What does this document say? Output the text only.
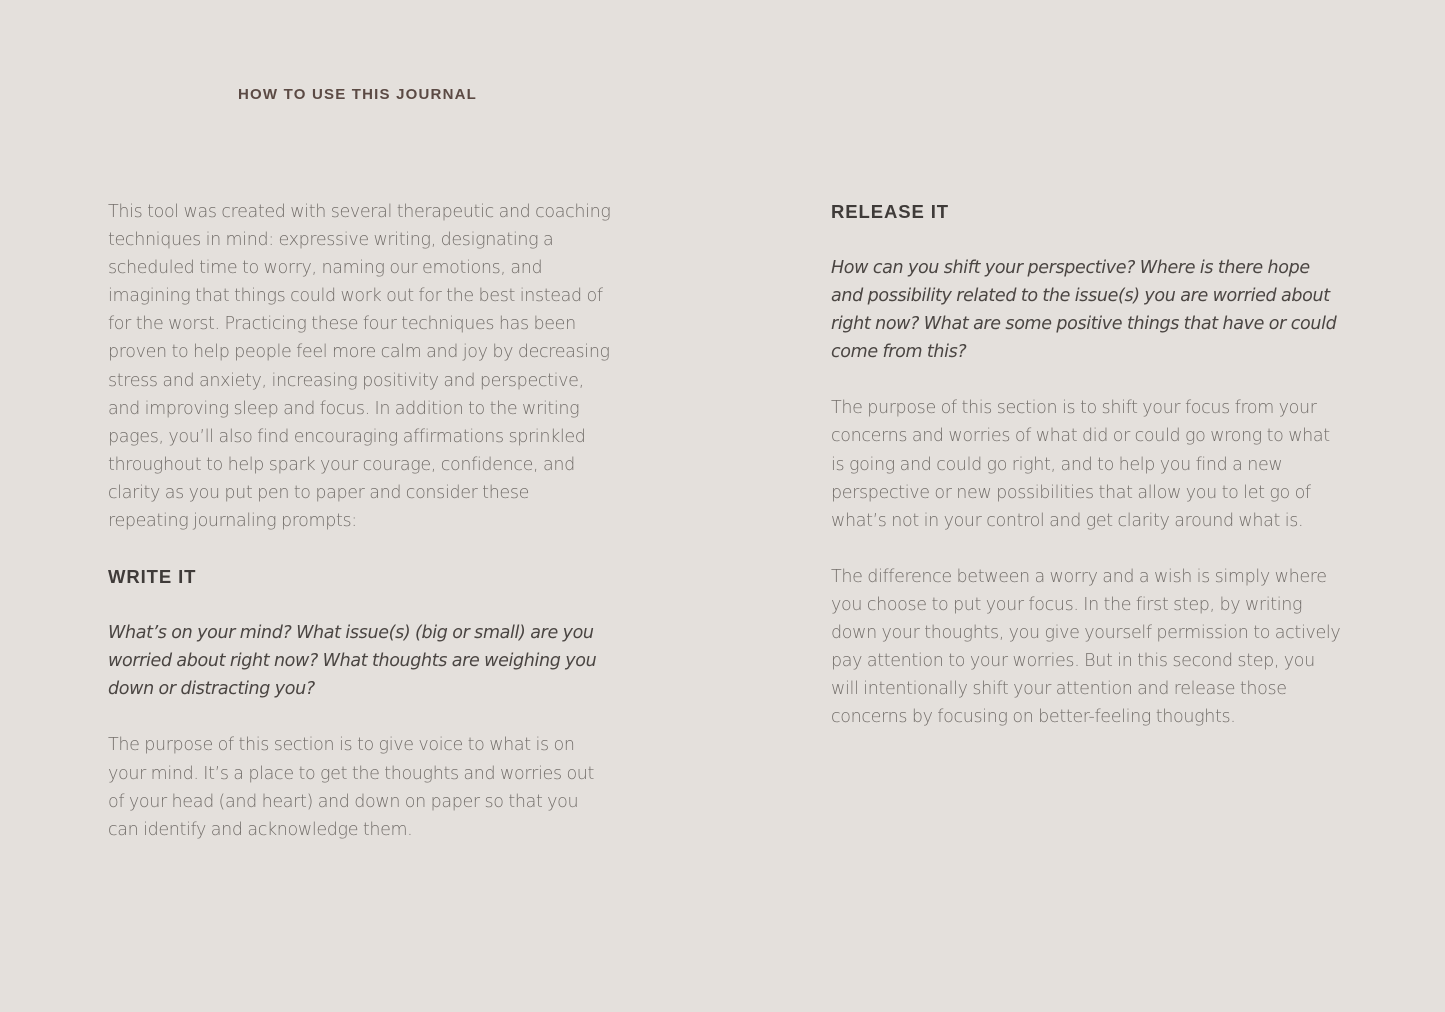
HOW TO USE THIS JOURNAL

This tool was created with several therapeutic and coaching techniques in mind: expressive writing, designating a scheduled time to worry, naming our emotions, and imagining that things could work out for the best instead of for the worst. Practicing these four techniques has been proven to help people feel more calm and joy by decreasing stress and anxiety, increasing positivity and perspective, and improving sleep and focus. In addition to the writing pages, you’ll also find encouraging affirmations sprinkled throughout to help spark your courage, confidence, and clarity as you put pen to paper and consider these repeating journaling prompts:

WRITE IT

What’s on your mind? What issue(s) (big or small) are you worried about right now? What thoughts are weighing you down or distracting you?

The purpose of this section is to give voice to what is on your mind. It’s a place to get the thoughts and worries out of your head (and heart) and down on paper so that you can identify and acknowledge them.

RELEASE IT

How can you shift your perspective? Where is there hope and possibility related to the issue(s) you are worried about right now? What are some positive things that have or could come from this?

The purpose of this section is to shift your focus from your concerns and worries of what did or could go wrong to what is going and could go right, and to help you find a new perspective or new possibilities that allow you to let go of what’s not in your control and get clarity around what is.

The difference between a worry and a wish is simply where you choose to put your focus. In the first step, by writing down your thoughts, you give yourself permission to actively pay attention to your worries. But in this second step, you will intentionally shift your attention and release those concerns by focusing on better-feeling thoughts.
